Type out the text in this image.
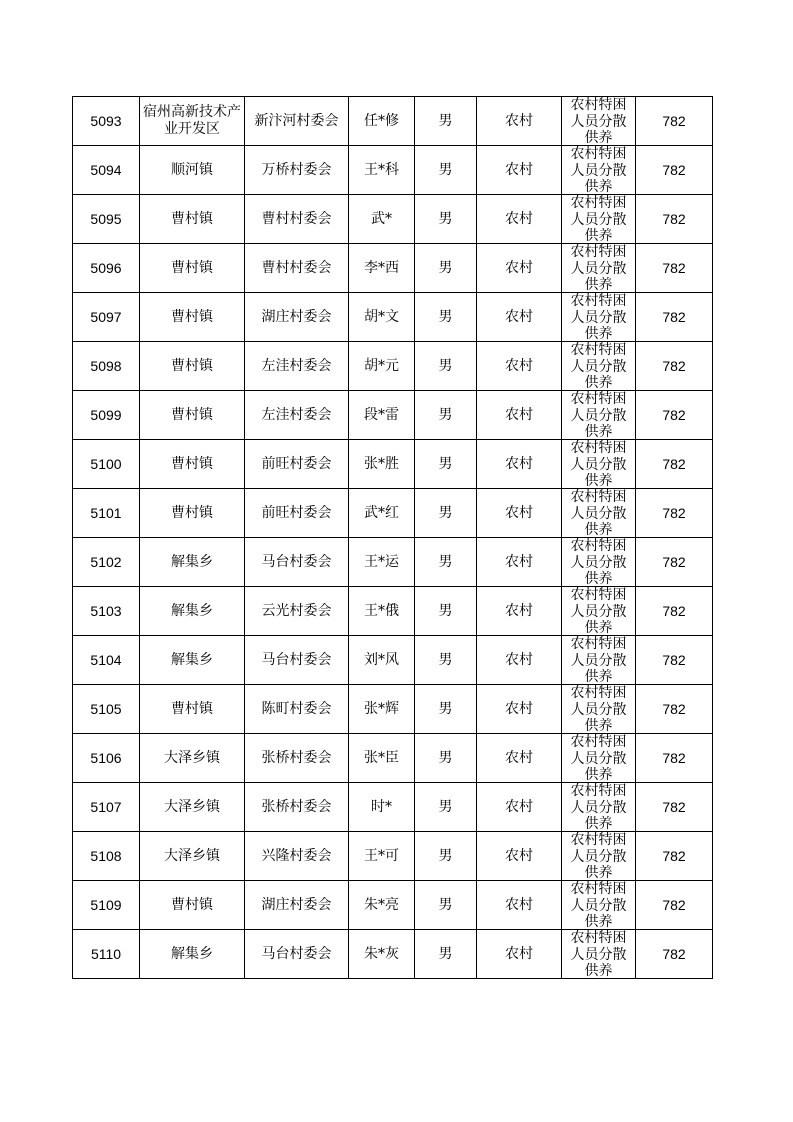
5093	宿州高新技术产业开发区	新汴河村委会	任*修	男	农村	农村特困人员分散供养	782
5094	顺河镇	万桥村委会	王*科	男	农村	农村特困人员分散供养	782
5095	曹村镇	曹村村委会	武*	男	农村	农村特困人员分散供养	782
5096	曹村镇	曹村村委会	李*西	男	农村	农村特困人员分散供养	782
5097	曹村镇	湖庄村委会	胡*文	男	农村	农村特困人员分散供养	782
5098	曹村镇	左洼村委会	胡*元	男	农村	农村特困人员分散供养	782
5099	曹村镇	左洼村委会	段*雷	男	农村	农村特困人员分散供养	782
5100	曹村镇	前旺村委会	张*胜	男	农村	农村特困人员分散供养	782
5101	曹村镇	前旺村委会	武*红	男	农村	农村特困人员分散供养	782
5102	解集乡	马台村委会	王*运	男	农村	农村特困人员分散供养	782
5103	解集乡	云光村委会	王*俄	男	农村	农村特困人员分散供养	782
5104	解集乡	马台村委会	刘*风	男	农村	农村特困人员分散供养	782
5105	曹村镇	陈町村委会	张*辉	男	农村	农村特困人员分散供养	782
5106	大泽乡镇	张桥村委会	张*臣	男	农村	农村特困人员分散供养	782
5107	大泽乡镇	张桥村委会	时*	男	农村	农村特困人员分散供养	782
5108	大泽乡镇	兴隆村委会	王*可	男	农村	农村特困人员分散供养	782
5109	曹村镇	湖庄村委会	朱*亮	男	农村	农村特困人员分散供养	782
5110	解集乡	马台村委会	朱*灰	男	农村	农村特困人员分散供养	782
